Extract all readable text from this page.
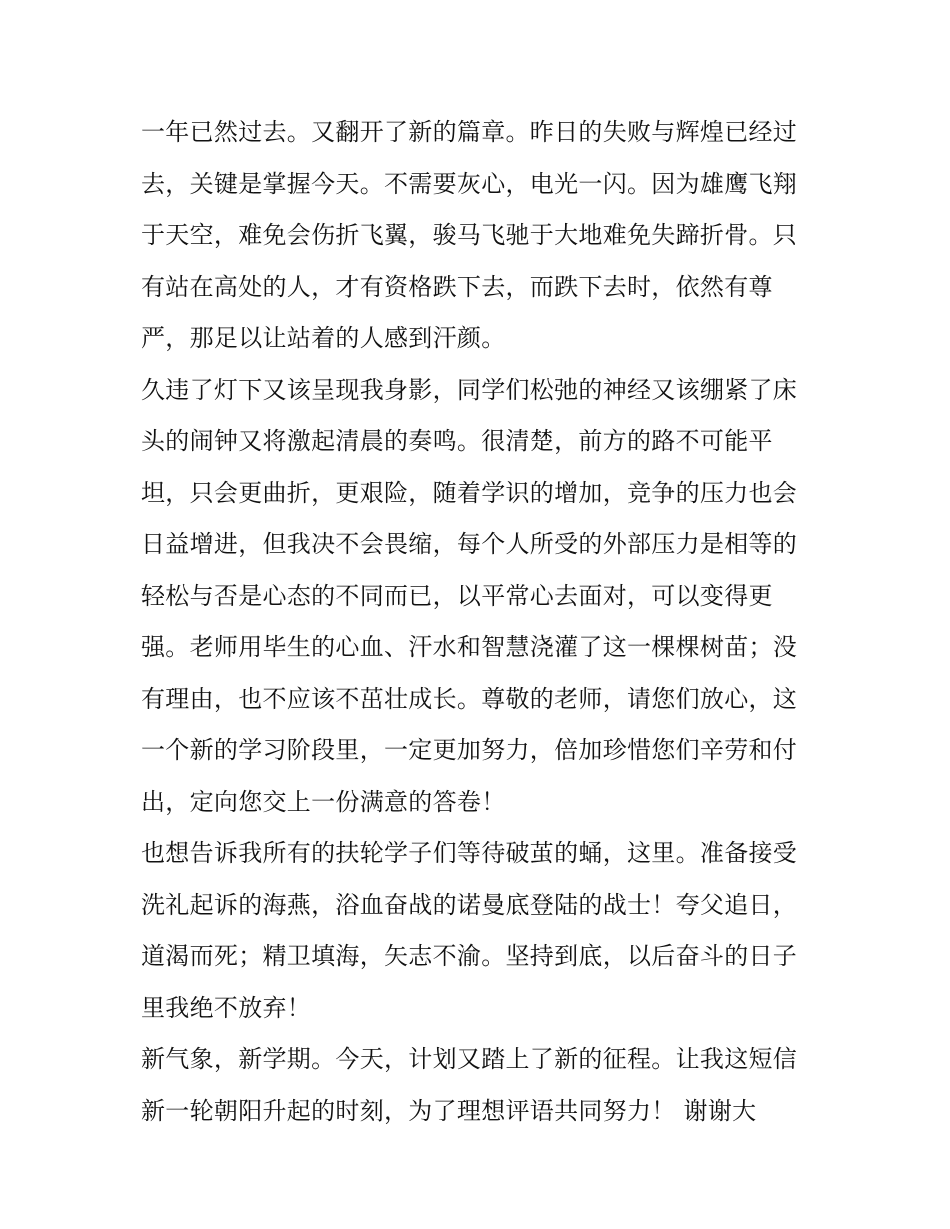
一年已然过去。又翻开了新的篇章。昨日的失败与辉煌已经过
去，关键是掌握今天。不需要灰心，电光一闪。因为雄鹰飞翔
于天空，难免会伤折飞翼，骏马飞驰于大地难免失蹄折骨。只
有站在高处的人，才有资格跌下去，而跌下去时，依然有尊
严，那足以让站着的人感到汗颜。
久违了灯下又该呈现我身影，同学们松弛的神经又该绷紧了床
头的闹钟又将激起清晨的奏鸣。很清楚，前方的路不可能平
坦，只会更曲折，更艰险，随着学识的增加，竞争的压力也会
日益增进，但我决不会畏缩，每个人所受的外部压力是相等的
轻松与否是心态的不同而已，以平常心去面对，可以变得更
强。老师用毕生的心血、汗水和智慧浇灌了这一棵棵树苗；没
有理由，也不应该不茁壮成长。尊敬的老师，请您们放心，这
一个新的学习阶段里，一定更加努力，倍加珍惜您们辛劳和付
出，定向您交上一份满意的答卷！
也想告诉我所有的扶轮学子们等待破茧的蛹，这里。准备接受
洗礼起诉的海燕，浴血奋战的诺曼底登陆的战士！夸父追日，
道渴而死；精卫填海，矢志不渝。坚持到底，以后奋斗的日子
里我绝不放弃！
新气象，新学期。今天，计划又踏上了新的征程。让我这短信
新一轮朝阳升起的时刻，为了理想评语共同努力！ 谢谢大
